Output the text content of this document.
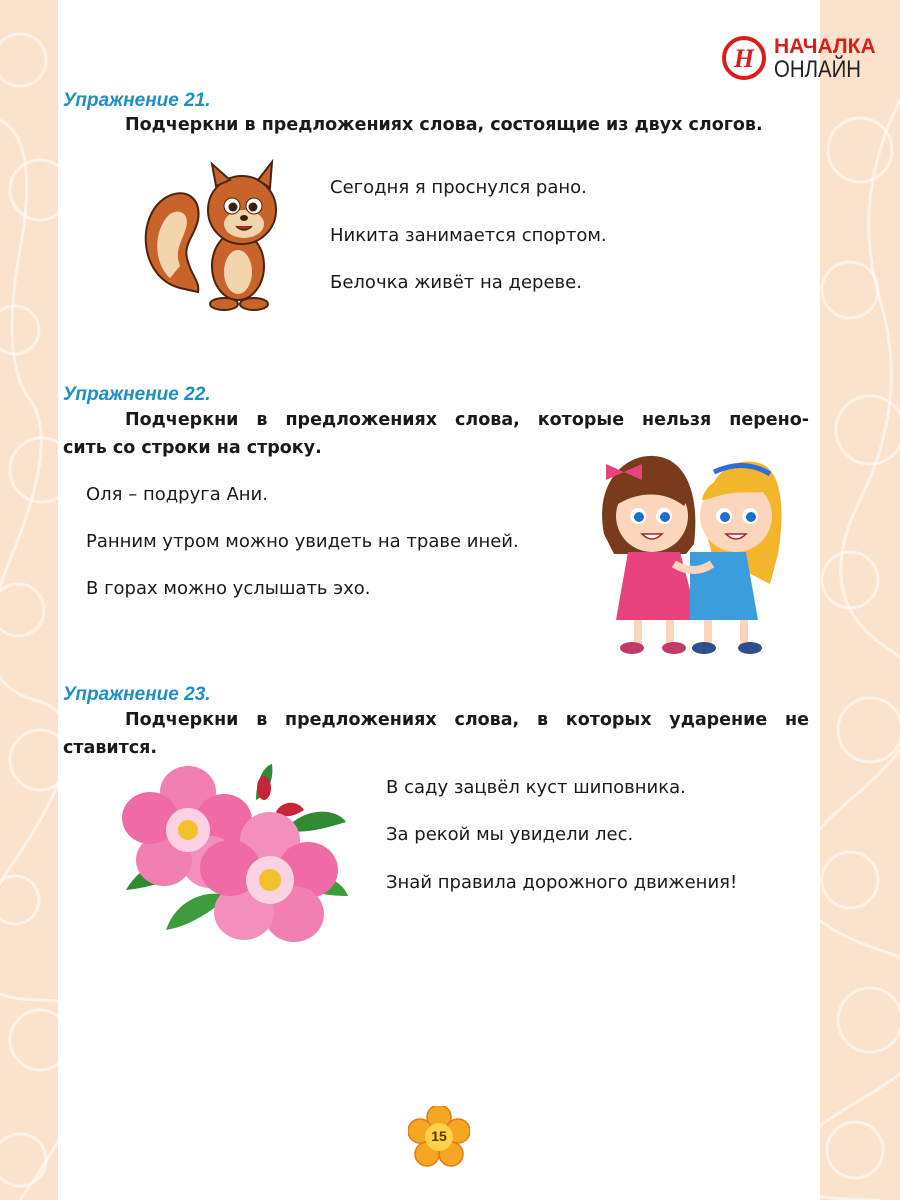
Н НАЧАЛКА
ОНЛАЙН
Упражнение 21.
Подчеркни в предложениях слова, состоящие из двух слогов.
Сегодня я проснулся рано.
Никита занимается спортом.
Белочка живёт на дереве.
Упражнение 22.
Подчеркни в предложениях слова, которые нельзя перено-
сить со строки на строку.
Оля – подруга Ани.
Ранним утром можно увидеть на траве иней.
В горах можно услышать эхо.
Упражнение 23.
Подчеркни в предложениях слова, в которых ударение не ставится.
В саду зацвёл куст шиповника.
За рекой мы увидели лес.
Знай правила дорожного движения!
15
